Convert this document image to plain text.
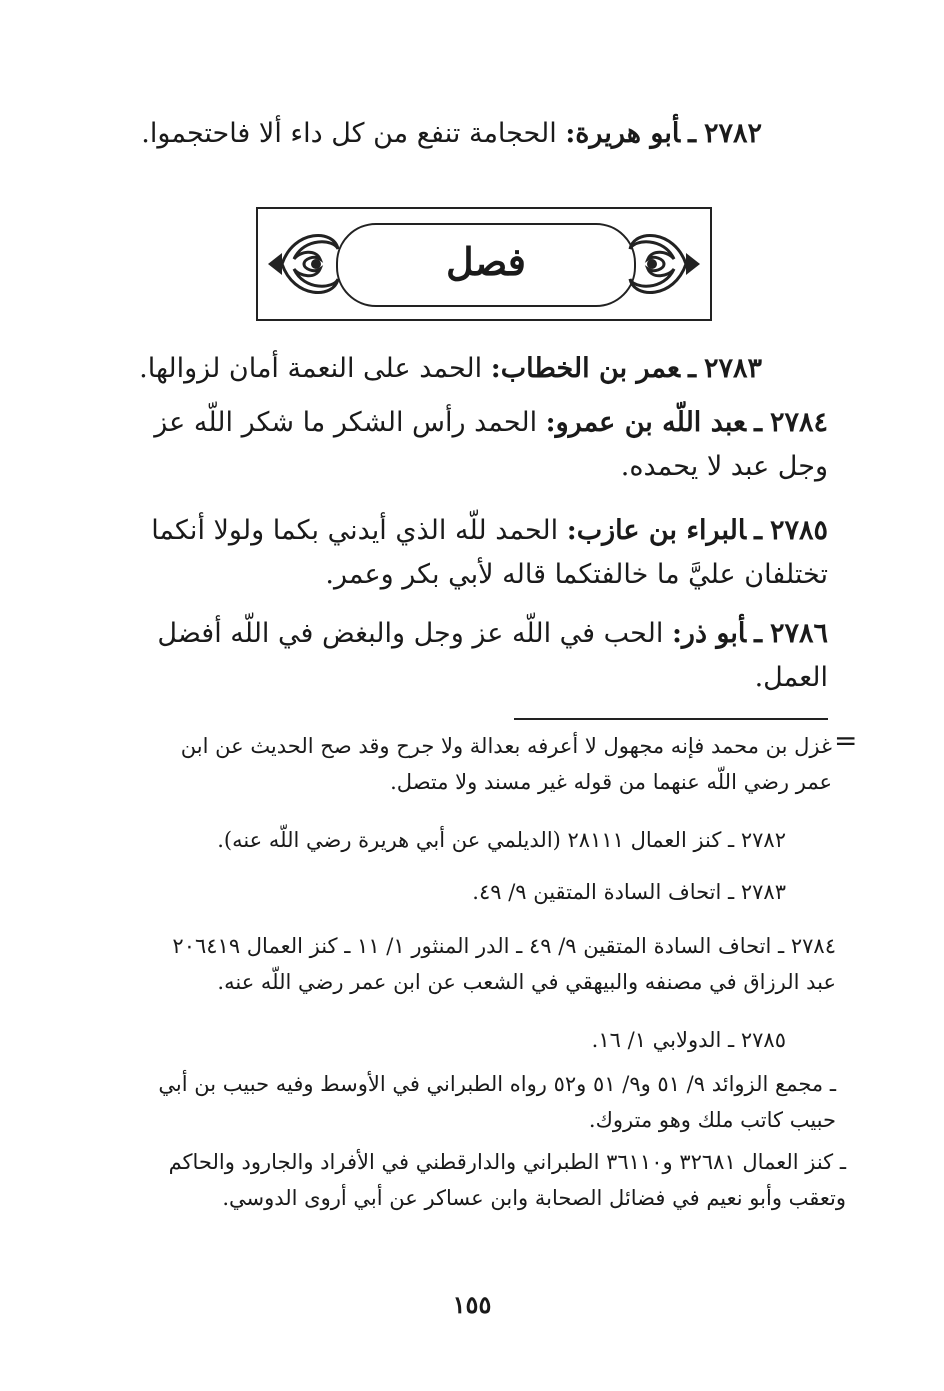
٢٧٨٢ـأبو هريرة: الحجامة تنفع من كل داء ألا فاحتجموا.
فصل
٢٧٨٣ـعمر بن الخطاب: الحمد على النعمة أمان لزوالها.
٢٧٨٤ـعبد اللّه بن عمرو: الحمد رأس الشكر ما شكر اللّه عز وجل عبد لا يحمده.
٢٧٨٥ـالبراء بن عازب: الحمد للّه الذي أيدني بكما ولولا أنكما تختلفان عليَّ ما خالفتكما قاله لأبي بكر وعمر.
٢٧٨٦ـأبو ذر: الحب في اللّه عز وجل والبغض في اللّه أفضل العمل.
=
غزل بن محمد فإنه مجهول لا أعرفه بعدالة ولا جرح وقد صح الحديث عن ابن عمر رضي اللّه عنهما من قوله غير مسند ولا متصل.
٢٧٨٢ ـ كنز العمال ٢٨١١١ (الديلمي عن أبي هريرة رضي اللّه عنه).
٢٧٨٣ ـ اتحاف السادة المتقين ٩/ ٤٩.
٢٧٨٤ ـ اتحاف السادة المتقين ٩/ ٤٩ ـ الدر المنثور ١/ ١١ ـ كنز العمال ٢٠٦٤١٩ عبد الرزاق في مصنفه والبيهقي في الشعب عن ابن عمر رضي اللّه عنه.
٢٧٨٥ ـ الدولابي ١/ ١٦.
ـ مجمع الزوائد ٩/ ٥١ و٩/ ٥١ و٥٢ رواه الطبراني في الأوسط وفيه حبيب بن أبي حبيب كاتب ملك وهو متروك.
ـ كنز العمال ٣٢٦٨١ و٣٦١١٠ الطبراني والدارقطني في الأفراد والجارود والحاكم وتعقب وأبو نعيم في فضائل الصحابة وابن عساكر عن أبي أروى الدوسي.
١٥٥
